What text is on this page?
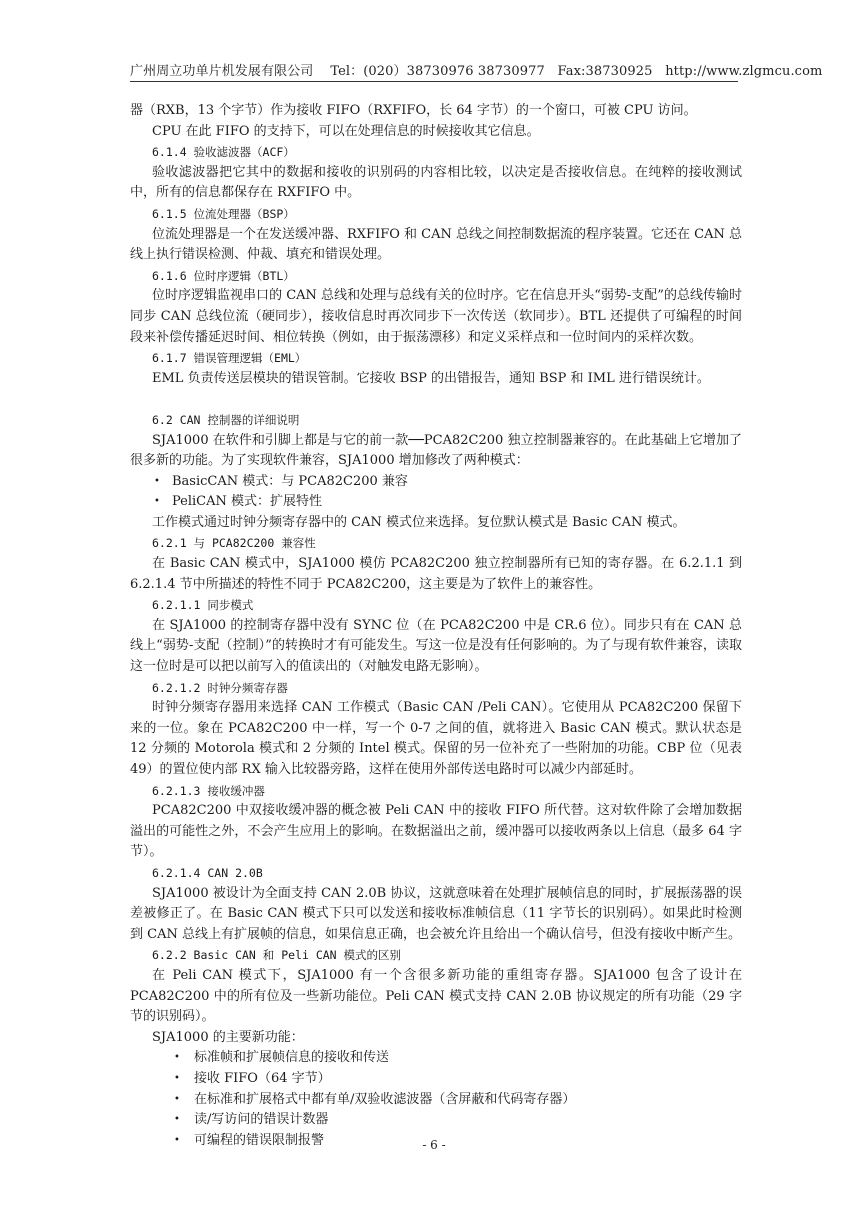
广州周立功单片机发展有限公司 Tel：(020）38730976 38730977 Fax:38730925 http://www.zlgmcu.com

器（RXB，13 个字节）作为接收 FIFO（RXFIFO，长 64 字节）的一个窗口，可被 CPU 访问。

CPU 在此 FIFO 的支持下，可以在处理信息的时候接收其它信息。

6.1.4 验收滤波器（ACF）

验收滤波器把它其中的数据和接收的识别码的内容相比较，以决定是否接收信息。在纯粹的接收测试中，所有的信息都保存在 RXFIFO 中。

6.1.5 位流处理器（BSP）

位流处理器是一个在发送缓冲器、RXFIFO 和 CAN 总线之间控制数据流的程序装置。它还在 CAN 总线上执行错误检测、仲裁、填充和错误处理。

6.1.6 位时序逻辑（BTL）

位时序逻辑监视串口的 CAN 总线和处理与总线有关的位时序。它在信息开头“弱势-支配”的总线传输时同步 CAN 总线位流（硬同步），接收信息时再次同步下一次传送（软同步）。BTL 还提供了可编程的时间段来补偿传播延迟时间、相位转换（例如，由于振荡漂移）和定义采样点和一位时间内的采样次数。

6.1.7 错误管理逻辑（EML）

EML 负责传送层模块的错误管制。它接收 BSP 的出错报告，通知 BSP 和 IML 进行错误统计。

6.2 CAN 控制器的详细说明

SJA1000 在软件和引脚上都是与它的前一款──PCA82C200 独立控制器兼容的。在此基础上它增加了很多新的功能。为了实现软件兼容，SJA1000 增加修改了两种模式：

• BasicCAN 模式：与 PCA82C200 兼容
• PeliCAN 模式：扩展特性

工作模式通过时钟分频寄存器中的 CAN 模式位来选择。复位默认模式是 Basic CAN 模式。

6.2.1 与 PCA82C200 兼容性

在 Basic CAN 模式中，SJA1000 模仿 PCA82C200 独立控制器所有已知的寄存器。在 6.2.1.1 到 6.2.1.4 节中所描述的特性不同于 PCA82C200，这主要是为了软件上的兼容性。

6.2.1.1 同步模式

在 SJA1000 的控制寄存器中没有 SYNC 位（在 PCA82C200 中是 CR.6 位）。同步只有在 CAN 总线上“弱势-支配（控制）”的转换时才有可能发生。写这一位是没有任何影响的。为了与现有软件兼容，读取这一位时是可以把以前写入的值读出的（对触发电路无影响）。

6.2.1.2 时钟分频寄存器

时钟分频寄存器用来选择 CAN 工作模式（Basic CAN /Peli CAN）。它使用从 PCA82C200 保留下来的一位。象在 PCA82C200 中一样，写一个 0-7 之间的值，就将进入 Basic CAN 模式。默认状态是 12 分频的 Motorola 模式和 2 分频的 Intel 模式。保留的另一位补充了一些附加的功能。CBP 位（见表 49）的置位使内部 RX 输入比较器旁路，这样在使用外部传送电路时可以减少内部延时。

6.2.1.3 接收缓冲器

PCA82C200 中双接收缓冲器的概念被 Peli CAN 中的接收 FIFO 所代替。这对软件除了会增加数据溢出的可能性之外，不会产生应用上的影响。在数据溢出之前，缓冲器可以接收两条以上信息（最多 64 字节）。

6.2.1.4 CAN 2.0B

SJA1000 被设计为全面支持 CAN 2.0B 协议，这就意味着在处理扩展帧信息的同时，扩展振荡器的误差被修正了。在 Basic CAN 模式下只可以发送和接收标准帧信息（11 字节长的识别码）。如果此时检测到 CAN 总线上有扩展帧的信息，如果信息正确，也会被允许且给出一个确认信号，但没有接收中断产生。

6.2.2 Basic CAN 和 Peli CAN 模式的区别

在 Peli CAN 模式下，SJA1000 有一个含很多新功能的重组寄存器。SJA1000 包含了设计在 PCA82C200 中的所有位及一些新功能位。Peli CAN 模式支持 CAN 2.0B 协议规定的所有功能（29 字节的识别码）。

SJA1000 的主要新功能：

• 标准帧和扩展帧信息的接收和传送
• 接收 FIFO（64 字节）
• 在标准和扩展格式中都有单/双验收滤波器（含屏蔽和代码寄存器）
• 读/写访问的错误计数器
• 可编程的错误限制报警	- 6 -
